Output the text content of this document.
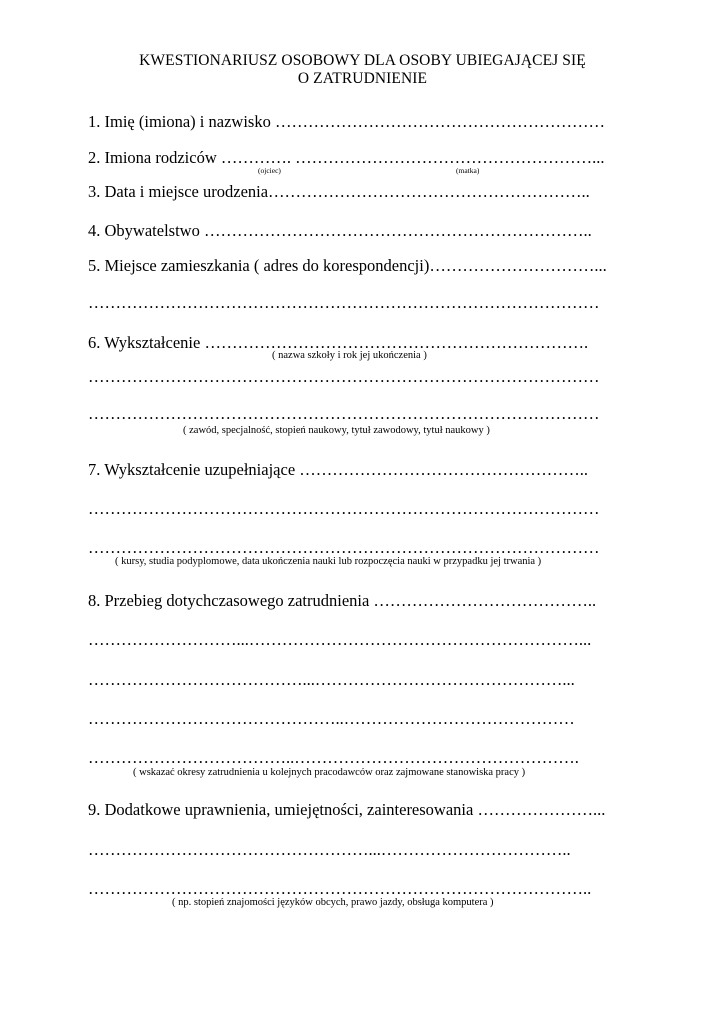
KWESTIONARIUSZ OSOBOWY DLA OSOBY UBIEGAJĄCEJ SIĘ
O ZATRUDNIENIE
1. Imię (imiona) i nazwisko ……………………………………………………
2. Imiona rodziców …………. ………………………………………………...
(ojciec)	(matka)
3. Data i miejsce urodzenia…………………………………………………..
4. Obywatelstwo ……………………………………………………………..
5. Miejsce zamieszkania ( adres do korespondencji)…………………………...
…………………………………………………………………………………
6. Wykształcenie …………………………………………………………….
( nazwa szkoły i rok jej ukończenia )
…………………………………………………………………………………
…………………………………………………………………………………
( zawód, specjalność, stopień naukowy, tytuł zawodowy, tytuł naukowy )
7. Wykształcenie uzupełniające ……………………………………………..
…………………………………………………………………………………
…………………………………………………………………………………
( kursy, studia podyplomowe, data ukończenia nauki lub rozpoczęcia nauki w przypadku jej trwania )
8. Przebieg dotychczasowego zatrudnienia …………………………………..
………………………...……………………………………………………...
…………………………………...………………………………………...
………………………………………..……………………………………
………………………………..…………………………………………….
( wskazać okresy zatrudnienia u kolejnych pracodawców oraz zajmowane stanowiska pracy )
9. Dodatkowe uprawnienia, umiejętności, zainteresowania …………………...
……………………………………………...……………………………..
………………………………………………………………………………..
( np. stopień znajomości języków obcych, prawo jazdy, obsługa komputera )
